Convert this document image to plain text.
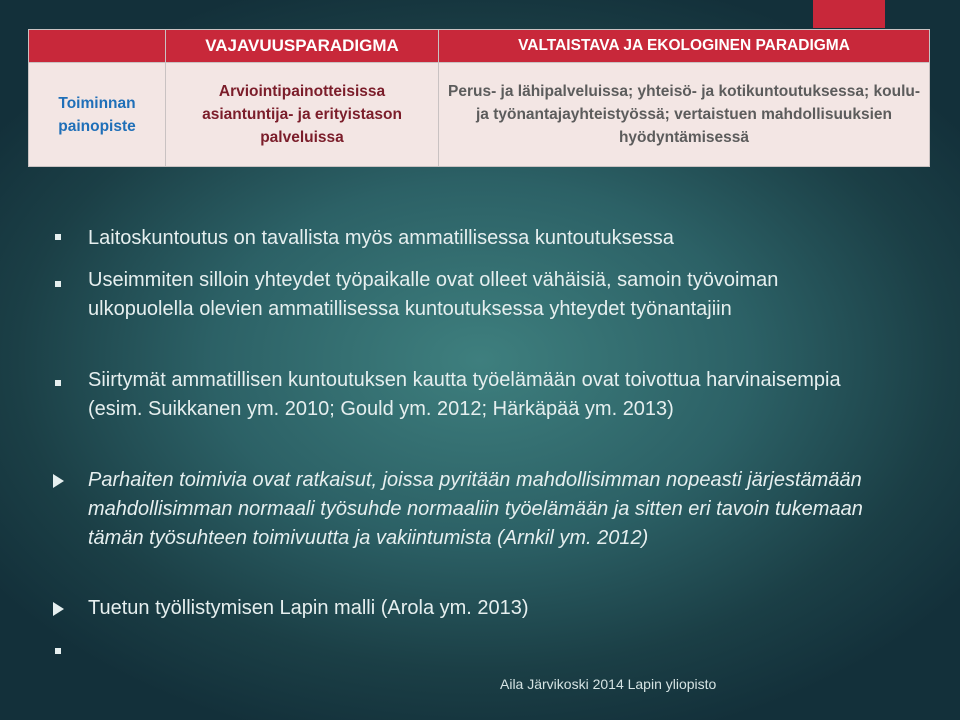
	VAJAVUUSPARADIGMA	VALTAISTAVA JA EKOLOGINEN PARADIGMA
Toiminnan painopiste	Arviointipainotteisissa asiantuntija- ja erityistason palveluissa	Perus- ja lähipalveluissa; yhteisö- ja kotikuntoutuksessa; koulu- ja työnantajayhteistyössä; vertaistuen mahdollisuuksien hyödyntämisessä
Laitoskuntoutus on tavallista myös ammatillisessa kuntoutuksessa
Useimmiten silloin yhteydet työpaikalle ovat olleet vähäisiä, samoin työvoiman ulkopuolella olevien ammatillisessa kuntoutuksessa yhteydet työnantajiin
Siirtymät ammatillisen kuntoutuksen kautta työelämään ovat toivottua harvinaisempia (esim. Suikkanen ym. 2010; Gould ym. 2012; Härkäpää ym. 2013)
Parhaiten toimivia ovat ratkaisut, joissa pyritään mahdollisimman nopeasti järjestämään mahdollisimman normaali työsuhde normaaliin työelämään ja sitten eri tavoin tukemaan tämän työsuhteen toimivuutta ja vakiintumista (Arnkil ym. 2012)
Tuetun työllistymisen Lapin malli (Arola ym. 2013)
Aila Järvikoski 2014 Lapin yliopisto
